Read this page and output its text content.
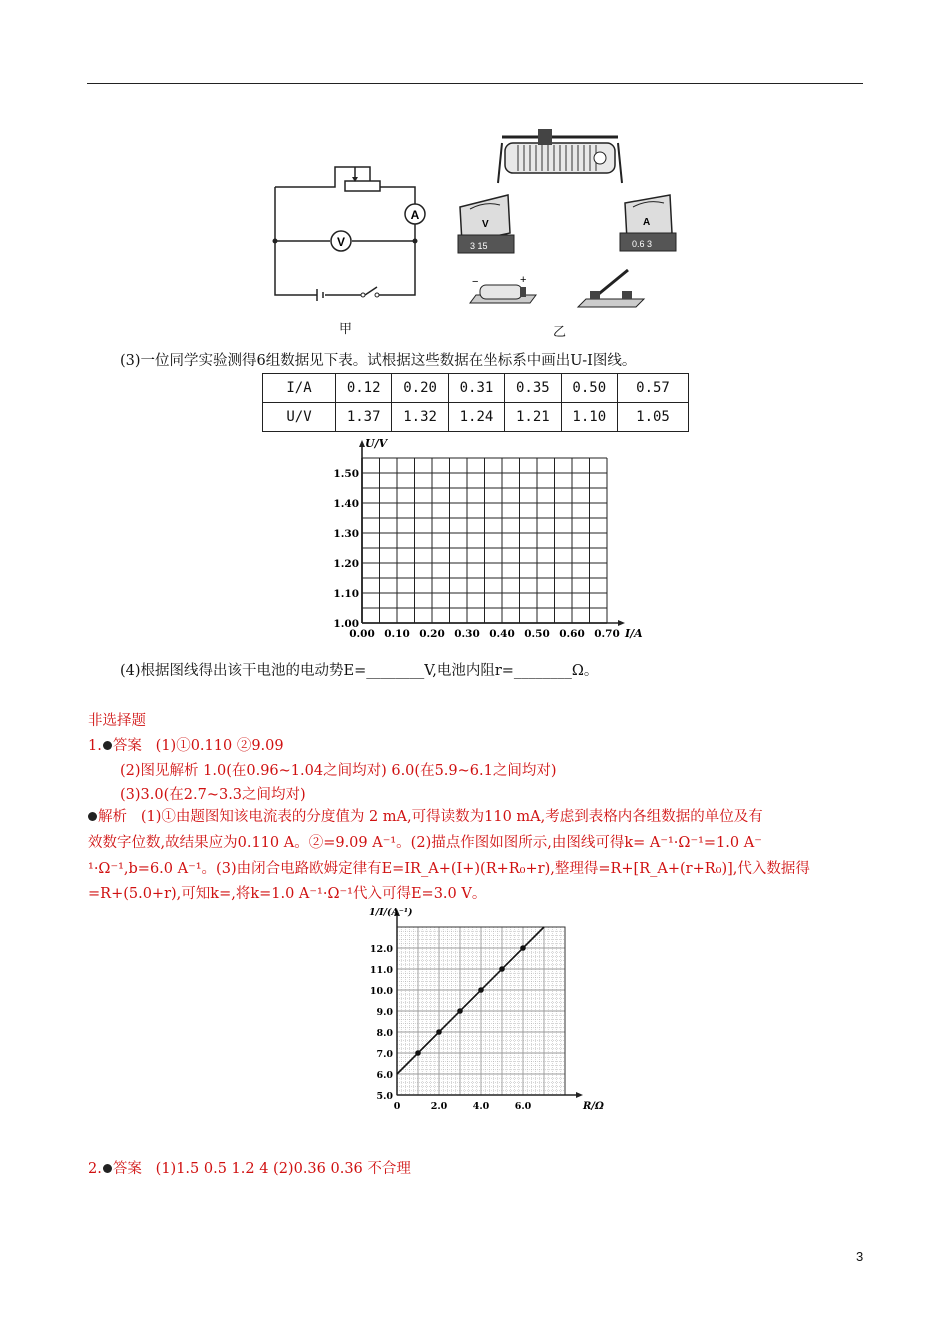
A
V
甲
V
3 15
A
0.6 3
−	+
乙
(3)一位同学实验测得6组数据见下表。试根据这些数据在坐标系中画出U-I图线。
I/A	0.12	0.20	0.31	0.35	0.50	0.57
U/V	1.37	1.32	1.24	1.21	1.10	1.05
1.00
1.10
1.20
1.30
1.40
1.50
0.00 0.10 0.20 0.30 0.40 0.50 0.60 0.70
U/V
I/A
(4)根据图线得出该干电池的电动势E=________V,电池内阻r=________Ω。
非选择题
1. 答案 (1)①0.110 ②9.09
(2)图见解析 1.0(在0.96~1.04之间均对) 6.0(在5.9~6.1之间均对)
(3)3.0(在2.7~3.3之间均对)
解析 (1)①由题图知该电流表的分度值为 2 mA,可得读数为110 mA,考虑到表格内各组数据的单位及有
效数字位数,故结果应为0.110 A。②=9.09 A⁻¹。(2)描点作图如图所示,由图线可得k= A⁻¹·Ω⁻¹=1.0 A⁻
¹·Ω⁻¹,b=6.0 A⁻¹。(3)由闭合电路欧姆定律有E=IR_A+(I+)(R+R₀+r),整理得=R+[R_A+(r+R₀)],代入数据得
=R+(5.0+r),可知k=,将k=1.0 A⁻¹·Ω⁻¹代入可得E=3.0 V。
5.0
6.0
7.0
8.0
9.0
10.0
11.0
12.0
0	2.0	4.0	6.0
1/I/(A⁻¹)
R/Ω
2. 答案 (1)1.5 0.5 1.2 4 (2)0.36 0.36 不合理
3
